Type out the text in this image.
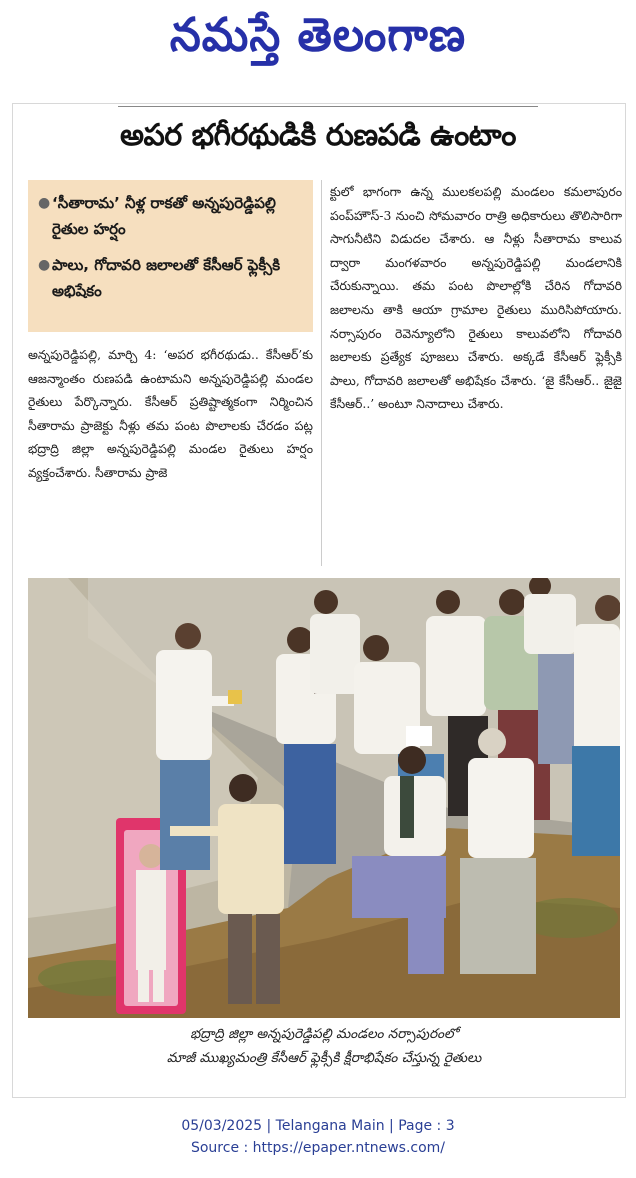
నమస్తే తెలంగాణ
అపర భగీరథుడికి రుణపడి ఉంటాం
● ‘సీతారామ’ నీళ్ల రాకతో అన్నపురెడ్డిపల్లి రైతుల హర్షం
● పాలు, గోదావరి జలాలతో కేసీఆర్‌ ఫ్లెక్సీకి అభిషేకం
అన్నపురెడ్డిపల్లి, మార్చి 4: ‘అపర భగీరథుడు.. కేసీఆర్‌’కు ఆజన్మాంతం రుణపడి ఉంటామని అన్నపురెడ్డిపల్లి మండల రైతులు పేర్కొన్నారు. కేసీఆర్‌ ప్రతిష్టాత్మకంగా నిర్మించిన సీతారామ ప్రాజెక్టు నీళ్లు తమ పంట పొలాలకు చేరడం పట్ల భద్రాద్రి జిల్లా అన్నపురెడ్డిపల్లి మండల రైతులు హర్షం వ్యక్తంచేశారు. సీతారామ ప్రాజె
క్టులో భాగంగా ఉన్న ములకలపల్లి మండలం కమలాపురం పంప్‌హౌస్‌-3 నుంచి సోమవారం రాత్రి అధికారులు తొలిసారిగా సాగునీటిని విడుదల చేశారు. ఆ నీళ్లు సీతారామ కాలువ ద్వారా మంగళవారం అన్నపురెడ్డిపల్లి మండలానికి చేరుకున్నాయి. తమ పంట పొలాల్లోకి చేరిన గోదావరి జలాలను తాకి ఆయా గ్రామాల రైతులు మురిసిపోయారు. నర్సాపురం రెవెన్యూలోని రైతులు కాలువలోని గోదావరి జలాలకు ప్రత్యేక పూజలు చేశారు. అక్కడే కేసీఆర్‌ ఫ్లెక్సీకి పాలు, గోదావరి జలాలతో అభిషేకం చేశారు. ‘జై కేసీఆర్‌.. జైజై కేసీఆర్‌..’ అంటూ నినాదాలు చేశారు.
భద్రాద్రి జిల్లా అన్నపురెడ్డిపల్లి మండలం నర్సాపురంలో
మాజీ ముఖ్యమంత్రి కేసీఆర్‌ ఫ్లెక్సీకి క్షీరాభిషేకం చేస్తున్న రైతులు
05/03/2025 | Telangana Main | Page : 3
Source : https://epaper.ntnews.com/
